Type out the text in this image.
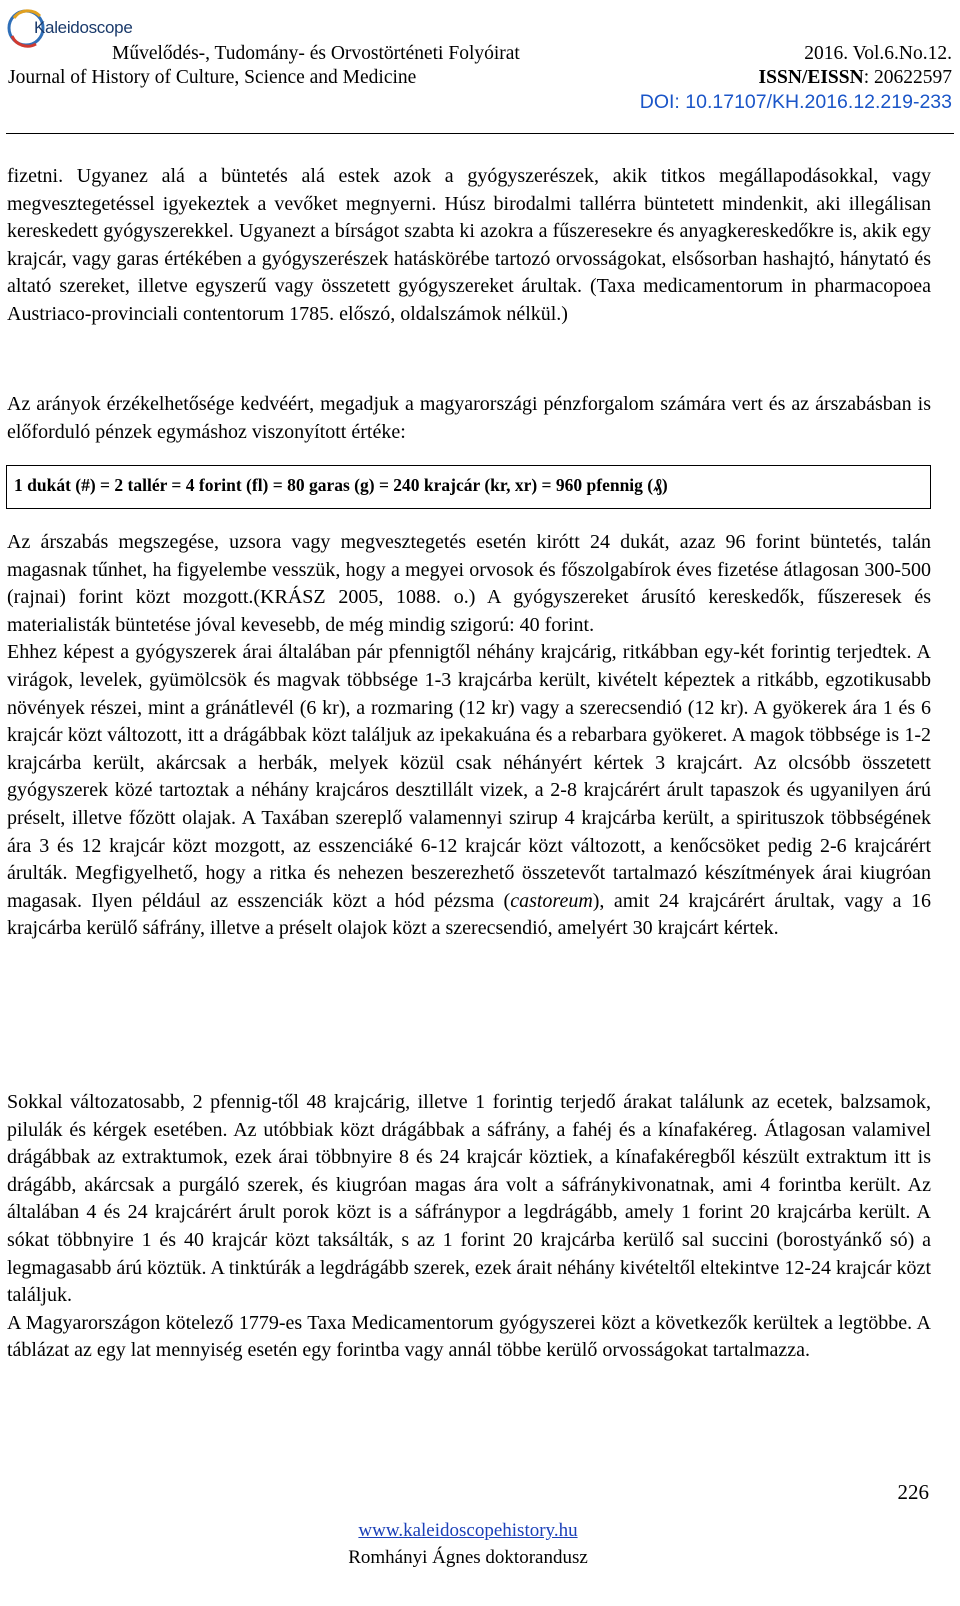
Kaleidoscope
Művelődés-, Tudomány- és Orvostörténeti Folyóirat
Journal of History of Culture, Science and Medicine
2016. Vol.6.No.12.
ISSN/EISSN: 20622597
DOI: 10.17107/KH.2016.12.219-233

fizetni. Ugyanez alá a büntetés alá estek azok a gyógyszerészek, akik titkos megállapodásokkal, vagy megvesztegetéssel igyekeztek a vevőket megnyerni. Húsz birodalmi tallérra büntetett mindenkit, aki illegálisan kereskedett gyógyszerekkel. Ugyanezt a bírságot szabta ki azokra a fűszeresekre és anyagkereskedőkre is, akik egy krajcár, vagy garas értékében a gyógyszerészek hatáskörébe tartozó orvosságokat, elsősorban hashajtó, hánytató és altató szereket, illetve egyszerű vagy összetett gyógyszereket árultak. (Taxa medicamentorum in pharmacopoea Austriaco-provinciali contentorum 1785. előszó, oldalszámok nélkül.)

Az arányok érzékelhetősége kedvéért, megadjuk a magyarországi pénzforgalom számára vert és az árszabásban is előforduló pénzek egymáshoz viszonyított értéke:

1 dukát (#) = 2 tallér = 4 forint (fl) = 80 garas (g) = 240 krajcár (kr, xr) = 960 pfennig (₰)

Az árszabás megszegése, uzsora vagy megvesztegetés esetén kirótt 24 dukát, azaz 96 forint büntetés, talán magasnak tűnhet, ha figyelembe vesszük, hogy a megyei orvosok és főszolgabírok éves fizetése átlagosan 300-500 (rajnai) forint közt mozgott.(KRÁSZ 2005, 1088. o.) A gyógyszereket árusító kereskedők, fűszeresek és materialisták büntetése jóval kevesebb, de még mindig szigorú: 40 forint.

Ehhez képest a gyógyszerek árai általában pár pfennigtől néhány krajcárig, ritkábban egy-két forintig terjedtek. A virágok, levelek, gyümölcsök és magvak többsége 1-3 krajcárba került, kivételt képeztek a ritkább, egzotikusabb növények részei, mint a gránátlevél (6 kr), a rozmaring (12 kr) vagy a szerecsendió (12 kr). A gyökerek ára 1 és 6 krajcár közt változott, itt a drágábbak közt találjuk az ipekakuána és a rebarbara gyökeret. A magok többsége is 1-2 krajcárba került, akárcsak a herbák, melyek közül csak néhányért kértek 3 krajcárt. Az olcsóbb összetett gyógyszerek közé tartoztak a néhány krajcáros desztillált vizek, a 2-8 krajcárért árult tapaszok és ugyanilyen árú préselt, illetve főzött olajak. A Taxában szereplő valamennyi szirup 4 krajcárba került, a spirituszok többségének ára 3 és 12 krajcár közt mozgott, az esszenciáké 6-12 krajcár közt változott, a kenőcsöket pedig 2-6 krajcárért árulták. Megfigyelhető, hogy a ritka és nehezen beszerezhető összetevőt tartalmazó készítmények árai kiugróan magasak. Ilyen például az esszenciák közt a hód pézsma (castoreum), amit 24 krajcárért árultak, vagy a 16 krajcárba kerülő sáfrány, illetve a préselt olajok közt a szerecsendió, amelyért 30 krajcárt kértek.

Sokkal változatosabb, 2 pfennig-től 48 krajcárig, illetve 1 forintig terjedő árakat találunk az ecetek, balzsamok, pilulák és kérgek esetében. Az utóbbiak közt drágábbak a sáfrány, a fahéj és a kínafakéreg. Átlagosan valamivel drágábbak az extraktumok, ezek árai többnyire 8 és 24 krajcár köztiek, a kínafakéregből készült extraktum itt is drágább, akárcsak a purgáló szerek, és kiugróan magas ára volt a sáfránykivonatnak, ami 4 forintba került. Az általában 4 és 24 krajcárért árult porok közt is a sáfránypor a legdrágább, amely 1 forint 20 krajcárba került. A sókat többnyire 1 és 40 krajcár közt taksálták, s az 1 forint 20 krajcárba kerülő sal succini (borostyánkő só) a legmagasabb árú köztük. A tinktúrák a legdrágább szerek, ezek árait néhány kivételtől eltekintve 12-24 krajcár közt találjuk.

A Magyarországon kötelező 1779-es Taxa Medicamentorum gyógyszerei közt a következők kerültek a legtöbbe. A táblázat az egy lat mennyiség esetén egy forintba vagy annál többe kerülő orvosságokat tartalmazza.

226
www.kaleidoscopehistory.hu
Romhányi Ágnes doktorandusz
